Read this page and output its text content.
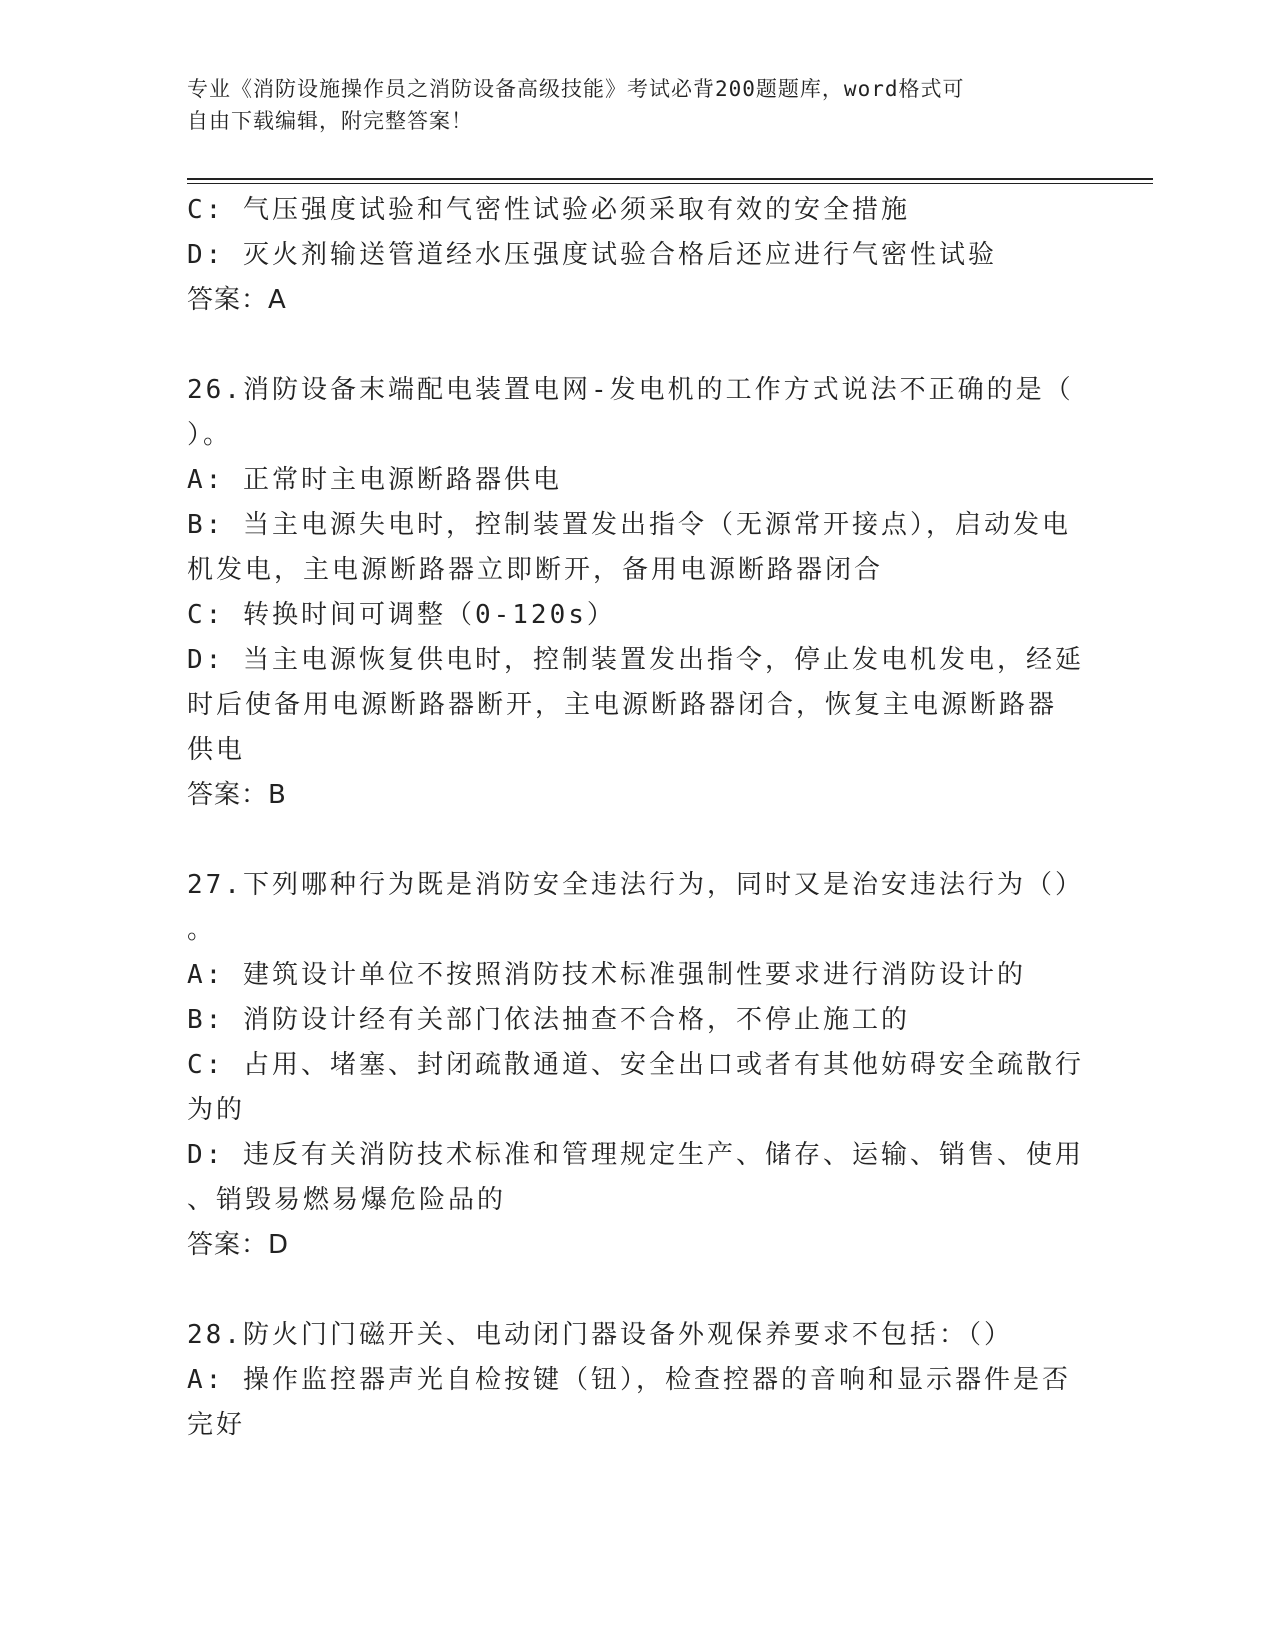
专业《消防设施操作员之消防设备高级技能》考试必背200题题库，word格式可
自由下载编辑，附完整答案！
C: 气压强度试验和气密性试验必须采取有效的安全措施
D: 灭火剂输送管道经水压强度试验合格后还应进行气密性试验
答案：A
26.消防设备末端配电装置电网-发电机的工作方式说法不正确的是（
）。
A: 正常时主电源断路器供电
B: 当主电源失电时，控制装置发出指令（无源常开接点），启动发电
机发电，主电源断路器立即断开，备用电源断路器闭合
C: 转换时间可调整（0-120s）
D: 当主电源恢复供电时，控制装置发出指令，停止发电机发电，经延
时后使备用电源断路器断开，主电源断路器闭合，恢复主电源断路器
供电
答案：B
27.下列哪种行为既是消防安全违法行为，同时又是治安违法行为（）
。
A: 建筑设计单位不按照消防技术标准强制性要求进行消防设计的
B: 消防设计经有关部门依法抽查不合格，不停止施工的
C: 占用、堵塞、封闭疏散通道、安全出口或者有其他妨碍安全疏散行
为的
D: 违反有关消防技术标准和管理规定生产、储存、运输、销售、使用
、销毁易燃易爆危险品的
答案：D
28.防火门门磁开关、电动闭门器设备外观保养要求不包括：（）
A: 操作监控器声光自检按键（钮），检查控器的音响和显示器件是否
完好
